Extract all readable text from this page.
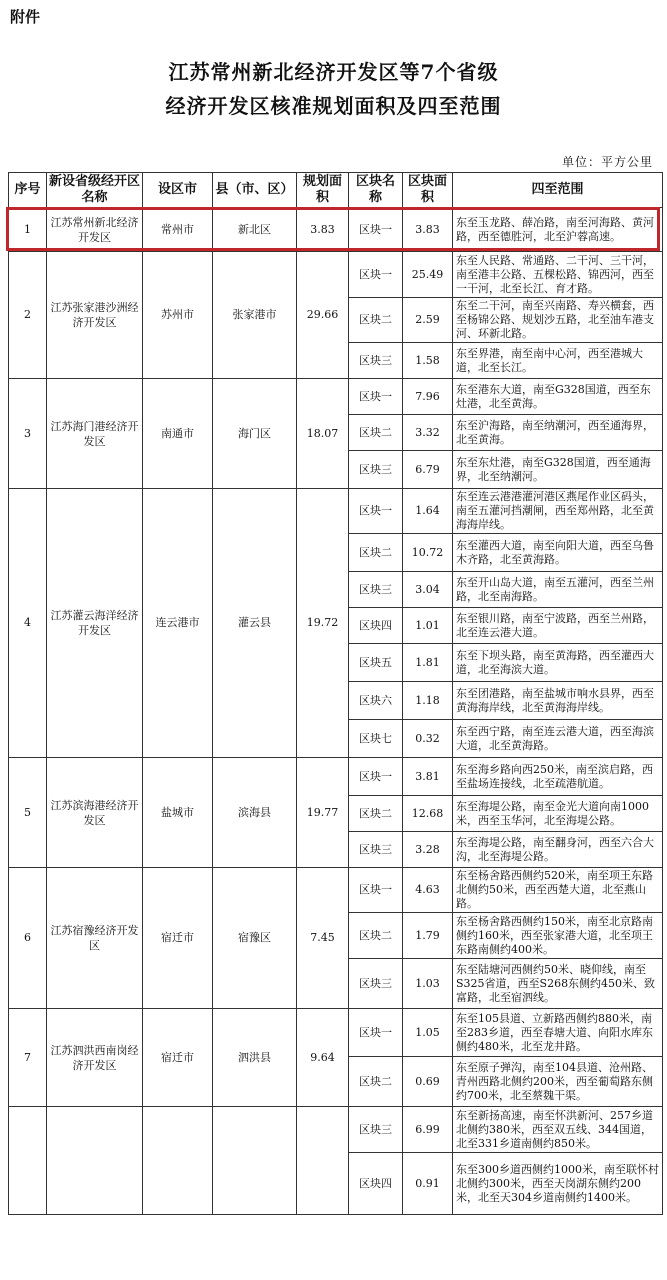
附件
江苏常州新北经济开发区等7个省级
经济开发区核准规划面积及四至范围
单位：平方公里
序号	新设省级经开区名称	设区市	县（市、区）	规划面积	区块名称	区块面积	四至范围
1	江苏常州新北经济开发区	常州市	新北区	3.83	区块一	3.83	东至玉龙路、薛冶路，南至河海路、黄河路，西至德胜河，北至沪蓉高速。
2	江苏张家港沙洲经济开发区	苏州市	张家港市	29.66	区块一	25.49	东至人民路、常通路、二干河、三干河，南至港丰公路、五棵松路、锦西河，西至一干河，北至长江、育才路。
					区块二	2.59	东至二干河，南至兴南路、寿兴横套，西至杨锦公路、规划沙五路，北至油车港支河、环新北路。
					区块三	1.58	东至界港，南至南中心河，西至港城大道，北至长江。
3	江苏海门港经济开发区	南通市	海门区	18.07	区块一	7.96	东至港东大道，南至G328国道，西至东灶港，北至黄海。
					区块二	3.32	东至沪海路，南至纳潮河，西至通海界，北至黄海。
					区块三	6.79	东至东灶港，南至G328国道，西至通海界，北至纳潮河。
4	江苏灌云海洋经济开发区	连云港市	灌云县	19.72	区块一	1.64	东至连云港港灌河港区燕尾作业区码头，南至五灌河挡潮闸，西至郑州路，北至黄海海岸线。
					区块二	10.72	东至灌西大道，南至向阳大道，西至乌鲁木齐路，北至黄海路。
					区块三	3.04	东至开山岛大道，南至五灌河，西至兰州路，北至南海路。
					区块四	1.01	东至银川路，南至宁波路，西至兰州路，北至连云港大道。
					区块五	1.81	东至下坝头路，南至黄海路，西至灌西大道，北至海滨大道。
					区块六	1.18	东至团港路，南至盐城市响水县界，西至黄海海岸线，北至黄海海岸线。
					区块七	0.32	东至西宁路，南至连云港大道，西至海滨大道，北至黄海路。
5	江苏滨海港经济开发区	盐城市	滨海县	19.77	区块一	3.81	东至海乡路向西250米，南至滨启路，西至盐场连接线，北至疏港航道。
					区块二	12.68	东至海堤公路，南至金光大道向南1000米，西至玉华河，北至海堤公路。
					区块三	3.28	东至海堤公路，南至翻身河，西至六合大沟，北至海堤公路。
6	江苏宿豫经济开发区	宿迁市	宿豫区	7.45	区块一	4.63	东至杨舍路西侧约520米，南至项王东路北侧约50米，西至西楚大道，北至燕山路。
					区块二	1.79	东至杨舍路西侧约150米，南至北京路南侧约160米，西至张家港大道，北至项王东路南侧约400米。
					区块三	1.03	东至陆塘河西侧约50米、晓仰线，南至S325省道，西至S268东侧约450米、致富路，北至宿泗线。
7	江苏泗洪西南岗经济开发区	宿迁市	泗洪县	9.64	区块一	1.05	东至105县道、立新路西侧约880米，南至283乡道，西至春塘大道、向阳水库东侧约480米，北至龙井路。
					区块二	0.69	东至原子弹沟，南至104县道、沧州路、青州西路北侧约200米，西至葡萄路东侧约700米，北至蔡魏干渠。
					区块三	6.99	东至新扬高速，南至怀洪新河、257乡道北侧约380米，西至双五线、344国道，北至331乡道南侧约850米。
					区块四	0.91	东至300乡道西侧约1000米，南至联怀村北侧约300米，西至天岗湖东侧约200米，北至天304乡道南侧约1400米。
